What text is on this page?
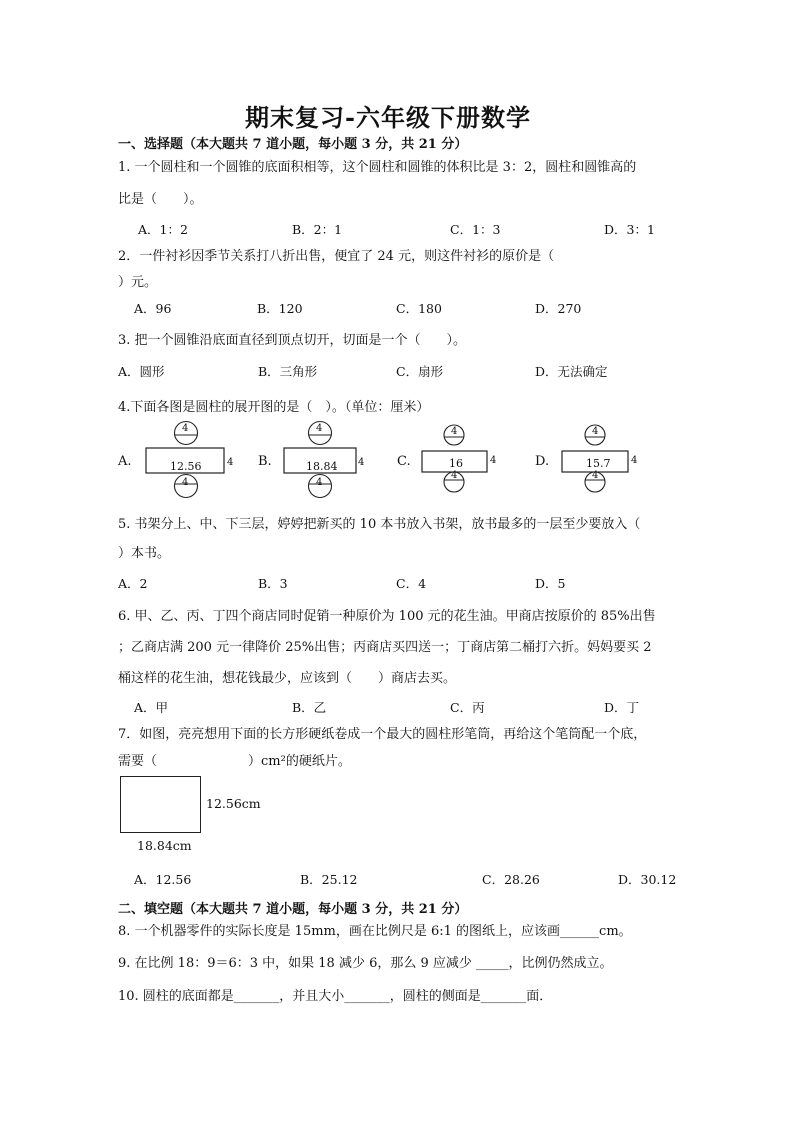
期末复习-六年级下册数学
一、选择题（本大题共 7 道小题，每小题 3 分，共 21 分）
1. 一个圆柱和一个圆锥的底面积相等，这个圆柱和圆锥的体积比是 3：2，圆柱和圆锥高的
比是（　　）。
A．1：2	B．2：1	C．1：3	D．3：1
2．一件衬衫因季节关系打八折出售，便宜了 24 元，则这件衬衫的原价是（
）元。
A．96	B．120	C．180	D．270
3. 把一个圆锥沿底面直径到顶点切开，切面是一个（　　）。
A．圆形	B．三角形	C．扇形	D．无法确定
4.下面各图是圆柱的展开图的是（　）。（单位：厘米）
A.
4
12.56	4
4
B.
4
18.84 4
4
C.
4
16	4
4
D.
4
15.7 4
4
5. 书架分上、中、下三层，婷婷把新买的 10 本书放入书架，放书最多的一层至少要放入（
）本书。
A．2	B．3	C．4	D．5
6. 甲、乙、丙、丁四个商店同时促销一种原价为 100 元的花生油。甲商店按原价的 85%出售
；乙商店满 200 元一律降价 25%出售；丙商店买四送一；丁商店第二桶打六折。妈妈要买 2
桶这样的花生油，想花钱最少，应该到（　　）商店去买。
A．甲	B．乙	C．丙	D．丁
7．如图，亮亮想用下面的长方形硬纸卷成一个最大的圆柱形笔筒，再给这个笔筒配一个底，
需要（　　　　　　　）cm²的硬纸片。
12.56cm
18.84cm
A．12.56	B．25.12	C．28.26	D．30.12
二、填空题（本大题共 7 道小题，每小题 3 分，共 21 分）
8. 一个机器零件的实际长度是 15mm，画在比例尺是 6:1 的图纸上，应该画______cm。
9. 在比例 18：9＝6：3 中，如果 18 减少 6，那么 9 应减少 _____，比例仍然成立。
10. 圆柱的底面都是_______，并且大小_______，圆柱的侧面是_______面．
